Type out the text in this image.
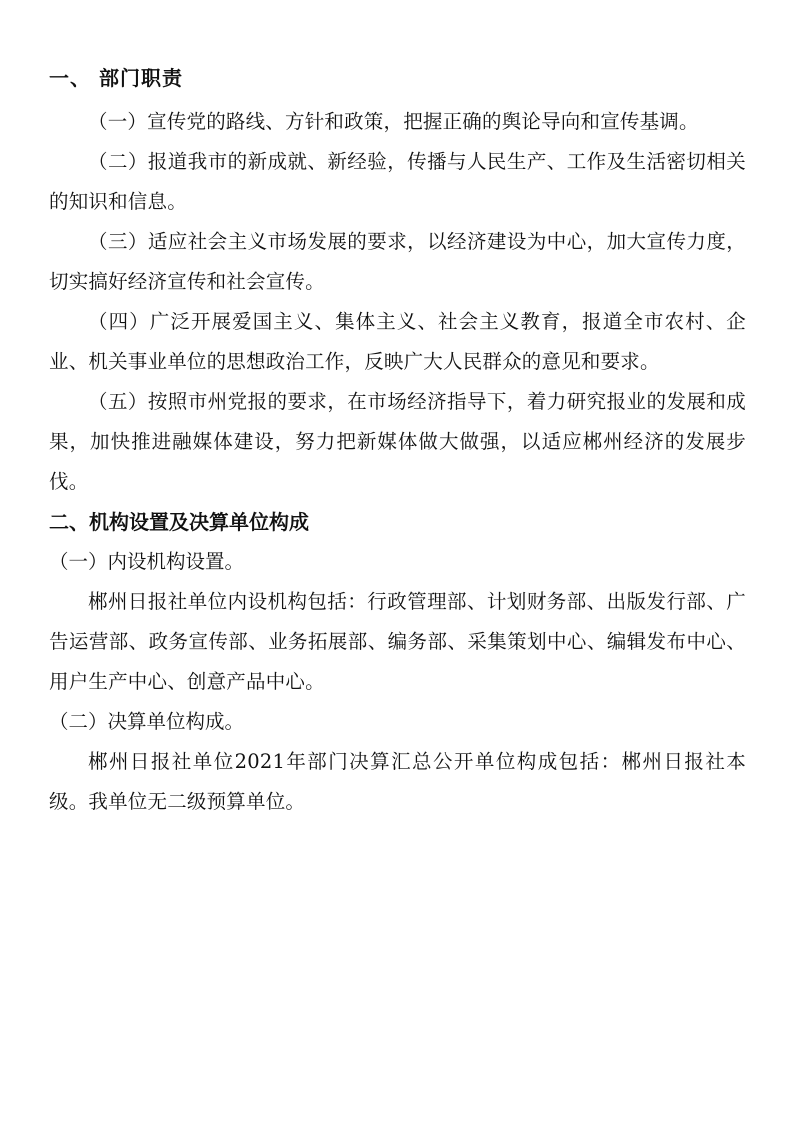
一、 部门职责

（一）宣传党的路线、方针和政策，把握正确的舆论导向和宣传基调。

（二）报道我市的新成就、新经验，传播与人民生产、工作及生活密切相关的知识和信息。

（三）适应社会主义市场发展的要求，以经济建设为中心，加大宣传力度，切实搞好经济宣传和社会宣传。

（四）广泛开展爱国主义、集体主义、社会主义教育，报道全市农村、企业、机关事业单位的思想政治工作，反映广大人民群众的意见和要求。

（五）按照市州党报的要求，在市场经济指导下，着力研究报业的发展和成果，加快推进融媒体建设，努力把新媒体做大做强，以适应郴州经济的发展步伐。

二、机构设置及决算单位构成

（一）内设机构设置。

郴州日报社单位内设机构包括：行政管理部、计划财务部、出版发行部、广告运营部、政务宣传部、业务拓展部、编务部、采集策划中心、编辑发布中心、用户生产中心、创意产品中心。

（二）决算单位构成。

郴州日报社单位2021年部门决算汇总公开单位构成包括：郴州日报社本级。我单位无二级预算单位。
